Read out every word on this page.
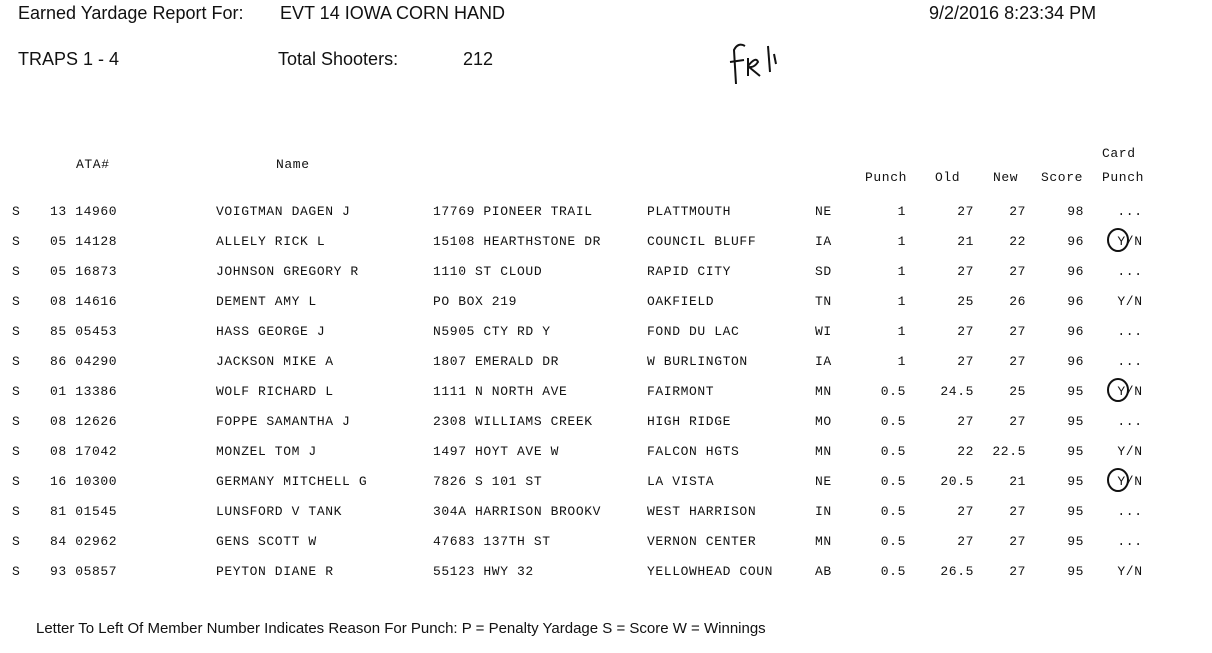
Earned Yardage Report For: EVT 14 IOWA CORN HAND	9/2/2016 8:23:34 PM
TRAPS 1 - 4	Total Shooters:	212
ATA#	Name
Punch Old	New Score
Card
Punch
S 13 14960	VOIGTMAN DAGEN J	17769 PIONEER TRAIL	PLATTMOUTH	NE	1	27	27	98	...
S 05 14128	ALLELY RICK L	15108 HEARTHSTONE DR	COUNCIL BLUFF	IA	1	21	22	96	Y/N
S 05 16873	JOHNSON GREGORY R	1110 ST CLOUD	RAPID CITY	SD	1	27	27	96	...
S 08 14616	DEMENT AMY L	PO BOX 219	OAKFIELD	TN	1	25	26	96	Y/N
S 85 05453	HASS GEORGE J	N5905 CTY RD Y	FOND DU LAC	WI	1	27	27	96	...
S 86 04290	JACKSON MIKE A	1807 EMERALD DR	W BURLINGTON	IA	1	27	27	96	...
S 01 13386	WOLF RICHARD L	1111 N NORTH AVE	FAIRMONT	MN	0.5	24.5	25	95	Y/N
S 08 12626	FOPPE SAMANTHA J	2308 WILLIAMS CREEK	HIGH RIDGE	MO	0.5	27	27	95	...
S 08 17042	MONZEL TOM J	1497 HOYT AVE W	FALCON HGTS	MN	0.5	22	22.5	95	Y/N
S 16 10300	GERMANY MITCHELL G	7826 S 101 ST	LA VISTA	NE	0.5	20.5	21	95	Y/N
S 81 01545	LUNSFORD V TANK	304A HARRISON BROOKV	WEST HARRISON	IN	0.5	27	27	95	...
S 84 02962	GENS SCOTT W	47683 137TH ST	VERNON CENTER	MN	0.5	27	27	95	...
S 93 05857	PEYTON DIANE R	55123 HWY 32	YELLOWHEAD COUN	AB	0.5	26.5	27	95	Y/N
Letter To Left Of Member Number Indicates Reason For Punch: P = Penalty Yardage S = Score W = Winnings
